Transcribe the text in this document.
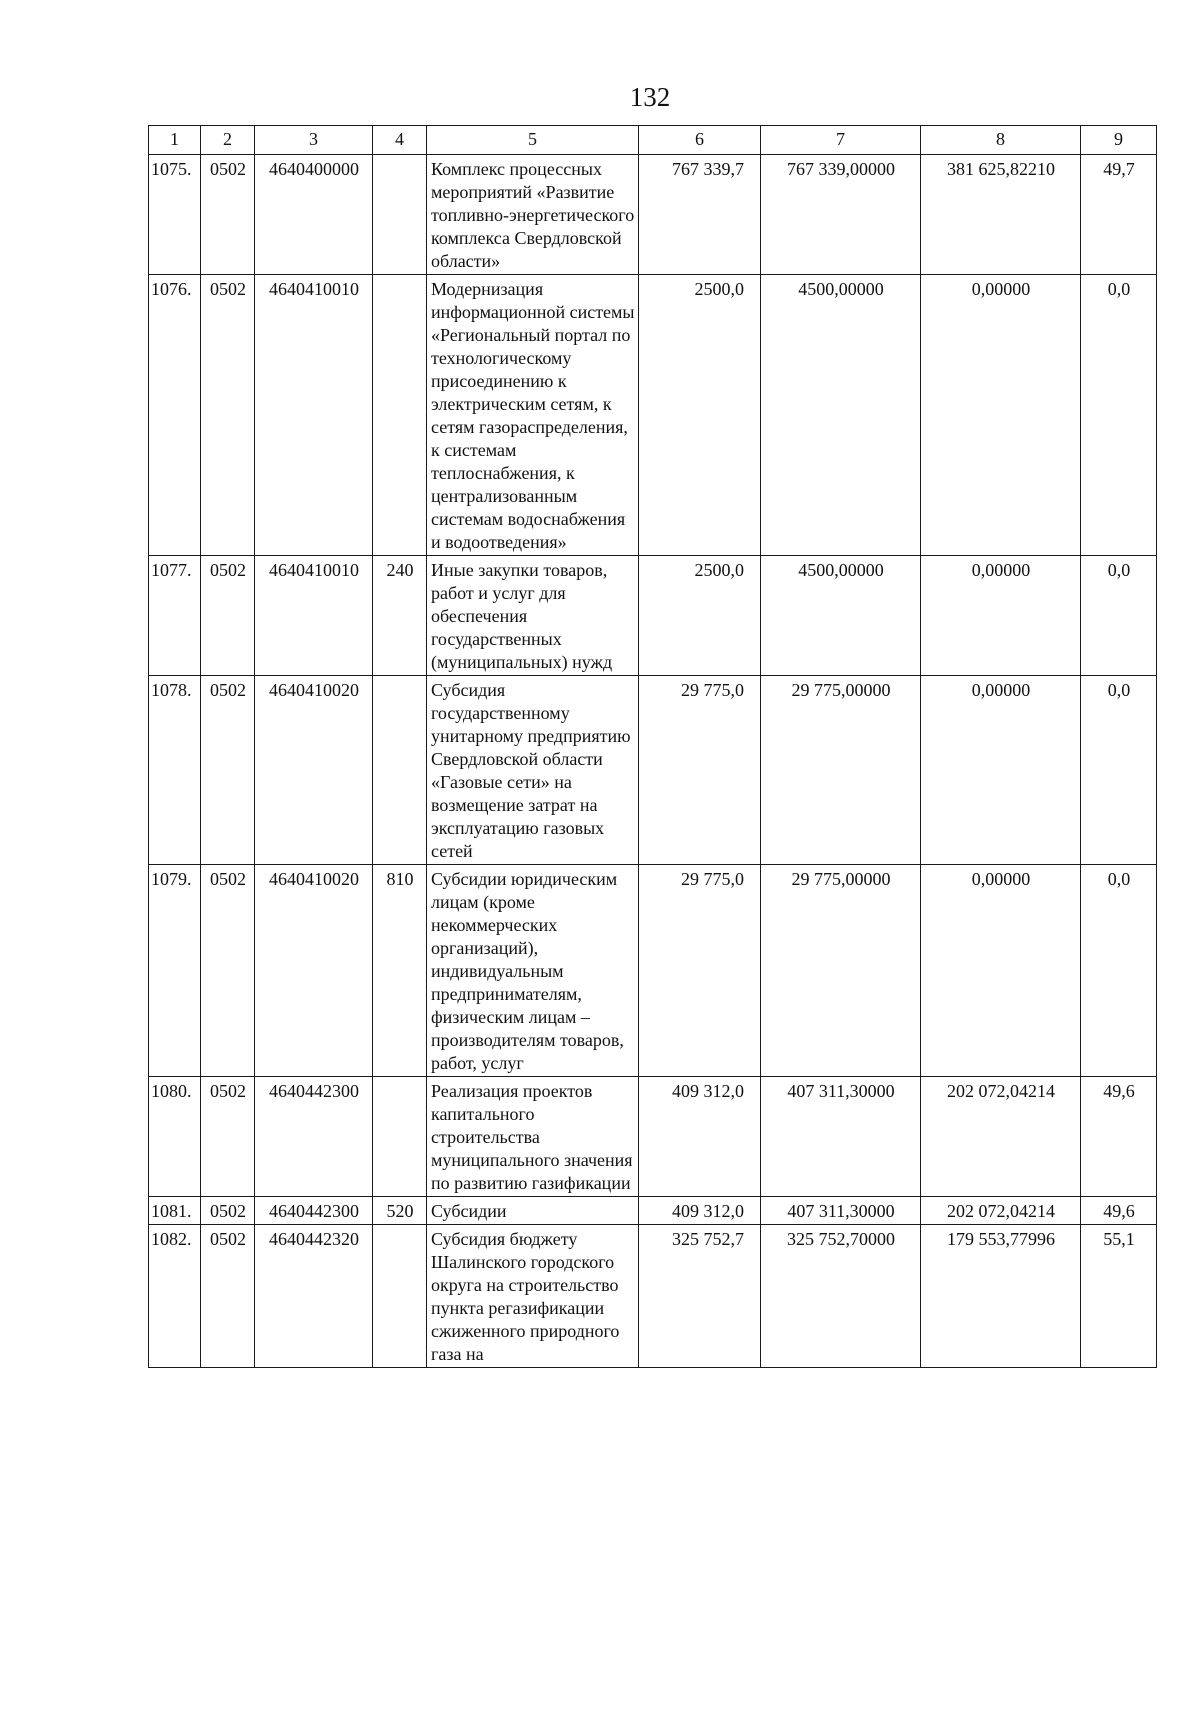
132
1	2	3	4	5	6	7	8	9
1075.	0502	4640400000		Комплекс процессных мероприятий «Развитие топливно-энергетического комплекса Свердловской области»	767 339,7	767 339,00000	381 625,82210	49,7
1076.	0502	4640410010		Модернизация информационной системы «Региональный портал по технологическому присоединению к электрическим сетям, к сетям газораспределения, к системам теплоснабжения, к централизованным системам водоснабжения и водоотведения»	2500,0	4500,00000	0,00000	0,0
1077.	0502	4640410010	240	Иные закупки товаров, работ и услуг для обеспечения государственных (муниципальных) нужд	2500,0	4500,00000	0,00000	0,0
1078.	0502	4640410020		Субсидия государственному унитарному предприятию Свердловской области «Газовые сети» на возмещение затрат на эксплуатацию газовых сетей	29 775,0	29 775,00000	0,00000	0,0
1079.	0502	4640410020	810	Субсидии юридическим лицам (кроме некоммерческих организаций), индивидуальным предпринимателям, физическим лицам – производителям товаров, работ, услуг	29 775,0	29 775,00000	0,00000	0,0
1080.	0502	4640442300		Реализация проектов капитального строительства муниципального значения по развитию газификации	409 312,0	407 311,30000	202 072,04214	49,6
1081.	0502	4640442300	520	Субсидии	409 312,0	407 311,30000	202 072,04214	49,6
1082.	0502	4640442320		Субсидия бюджету Шалинского городского округа на строительство пункта регазификации сжиженного природного газа на	325 752,7	325 752,70000	179 553,77996	55,1
